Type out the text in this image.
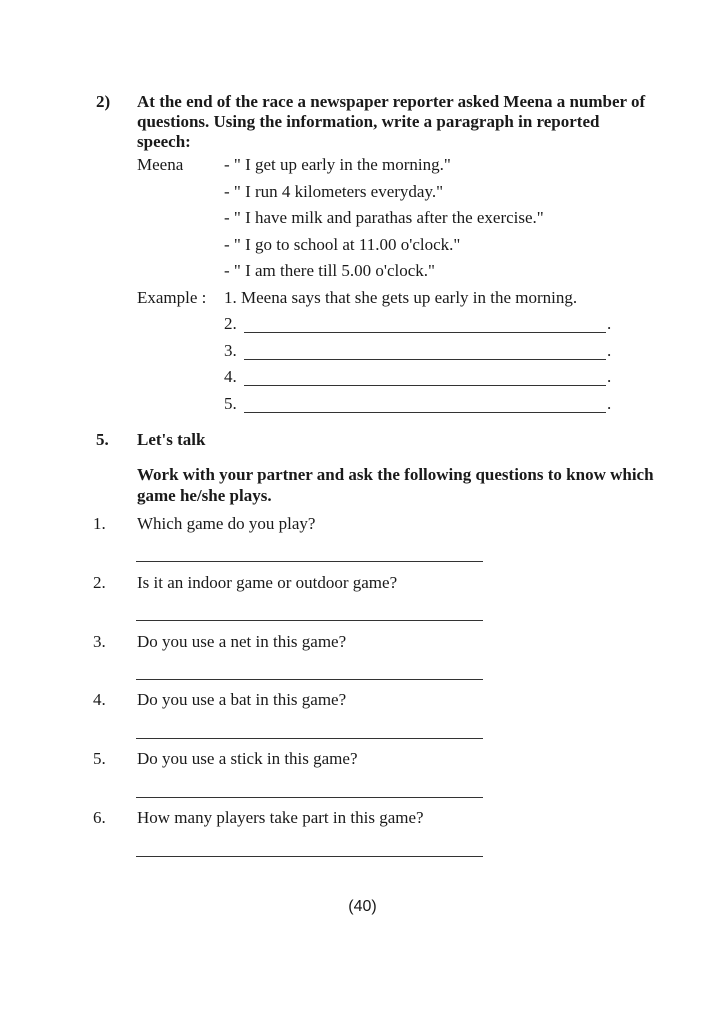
2) At the end of the race a newspaper reporter asked Meena a number of questions. Using the information, write a paragraph in reported speech:
Meena - " I get up early in the morning."
- " I run 4 kilometers everyday."
- " I have milk and parathas after the exercise."
- " I go to school at 11.00 o'clock."
- " I am there till 5.00 o'clock."
Example : 1. Meena says that she gets up early in the morning.
2.	.
3.	.
4.	.
5.	.
5. Let's talk
Work with your partner and ask the following questions to know which game he/she plays.
1. Which game do you play?
2. Is it an indoor game or outdoor game?
3. Do you use a net in this game?
4. Do you use a bat in this game?
5. Do you use a stick in this game?
6. How many players take part in this game?
(40)
